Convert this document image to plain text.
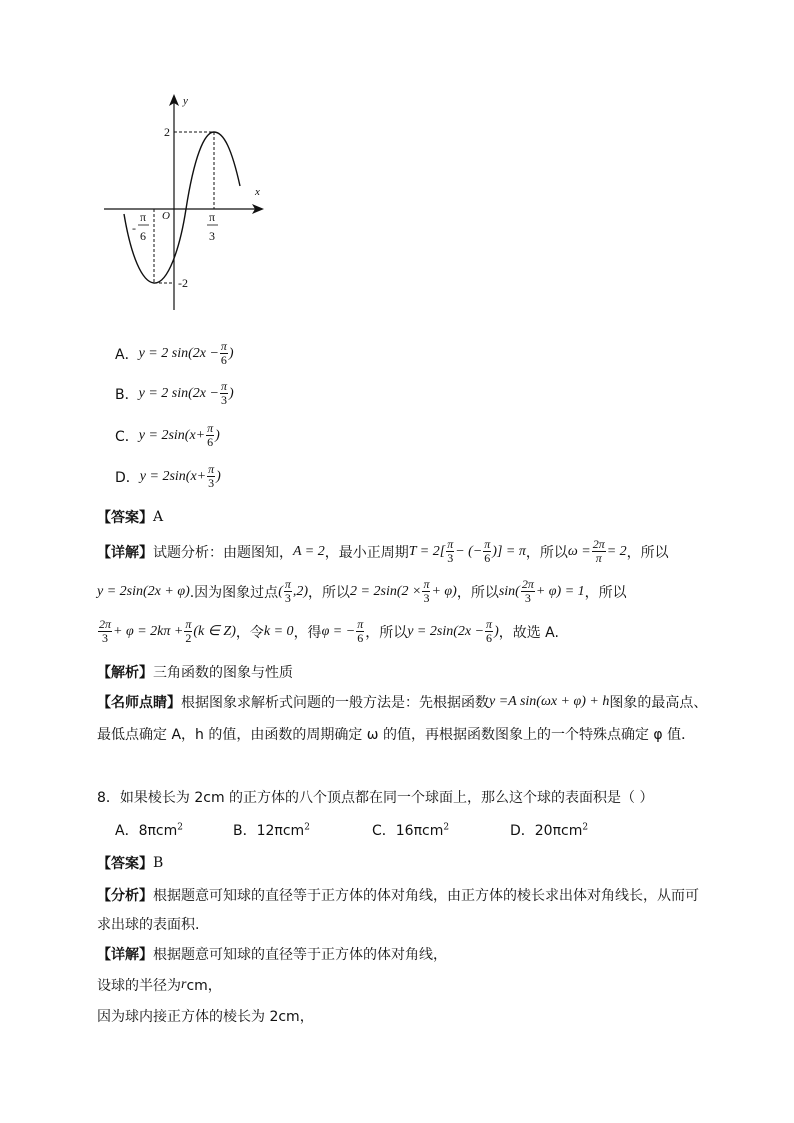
y
x
O
2
-2
-
π
6
π
3
A． y = 2 $\sin(2x - \frac{\pi}{6}$ )
B． y = 2 $\sin(2x - \frac{\pi}{3}$ )
C． $y = 2\sin(x+ \frac{\pi}{6}$ )
D． $y = 2\sin(x+ \frac{\pi}{3}$ )
【答案】 A
【详解】 试题分析：由题图知， A = 2 ，最小正周期 $T = 2[ \frac{\pi}{3}$ − (− $\frac{\pi}{6}$ )] = π ，所以 $\omega = \frac{2\pi}{\pi} = 2$ ，所以
y = 2sin(2x + φ) .因为图象过点 ( $\frac{\pi}{3} ,2$) ，所以 $2 = 2\sin(2 \times \frac{\pi}{3} + \varphi)$ ，所以 $\sin( \frac{2\pi}{3} + \varphi) = 1$ ，所以
$\frac{2\pi}{3} + \varphi = 2k\pi + \frac{\pi}{2} (k$ ∈ Z) ，令 k = 0 ，得 φ = − $\frac{\pi}{6}$ ，所以 $y = 2\sin(2x - \frac{\pi}{6}$ ) ，故选 A.
【解析】 三角函数的图象与性质
【名师点睛】 根据图象求解析式问题的一般方法是：先根据函数 y =A sin(ωx + φ) + h 图象的最高点、
最低点确定 A，h 的值，由函数的周期确定 ω 的值，再根据函数图象上的一个特殊点确定 φ 值．
8．如果棱长为 2cm 的正方体的八个顶点都在同一个球面上，那么这个球的表面积是（ ）
A．8πcm$^2$	B．12πcm$^2$	C．16πcm$^2$	D．20πcm$^2$
【答案】 B
【分析】 根据题意可知球的直径等于正方体的体对角线，由正方体的棱长求出体对角线长，从而可
求出球的表面积.
【详解】 根据题意可知球的直径等于正方体的体对角线，
设球的半径为 r cm，
因为球内接正方体的棱长为 2cm，
